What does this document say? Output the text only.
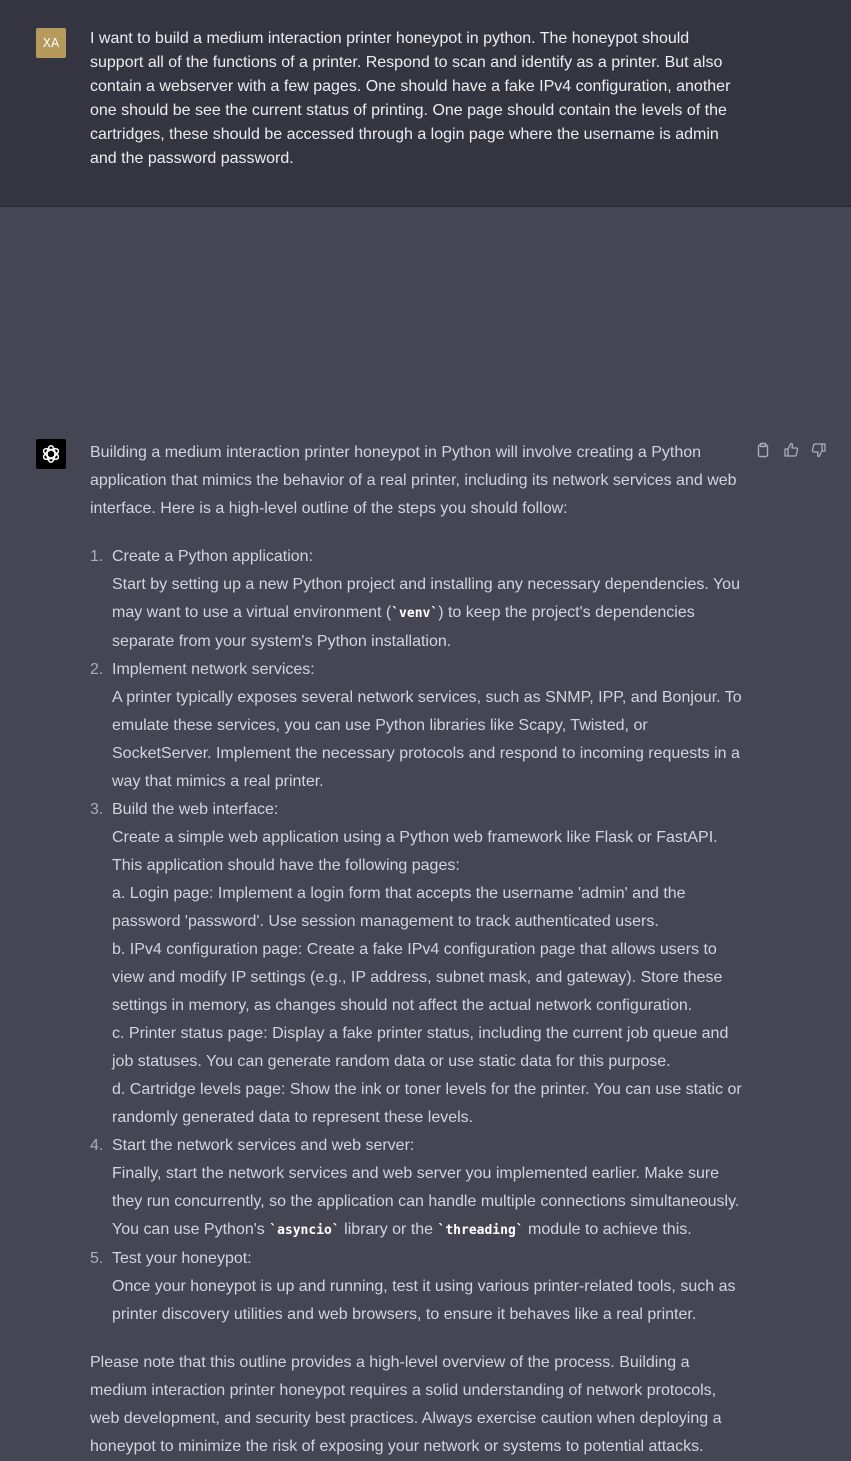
XA	I want to build a medium interaction printer honeypot in python. The honeypot should support all of the functions of a printer. Respond to scan and identify as a printer. But also contain a webserver with a few pages. One should have a fake IPv4 configuration, another one should be see the current status of printing. One page should contain the levels of the cartridges, these should be accessed through a login page where the username is admin and the password password.

Building a medium interaction printer honeypot in Python will involve creating a Python application that mimics the behavior of a real printer, including its network services and web interface. Here is a high-level outline of the steps you should follow:

1. Create a Python application:
Start by setting up a new Python project and installing any necessary dependencies. You may want to use a virtual environment (`venv`) to keep the project's dependencies separate from your system's Python installation.
2. Implement network services:
A printer typically exposes several network services, such as SNMP, IPP, and Bonjour. To emulate these services, you can use Python libraries like Scapy, Twisted, or SocketServer. Implement the necessary protocols and respond to incoming requests in a way that mimics a real printer.
3. Build the web interface:
Create a simple web application using a Python web framework like Flask or FastAPI. This application should have the following pages:
a. Login page: Implement a login form that accepts the username 'admin' and the password 'password'. Use session management to track authenticated users.
b. IPv4 configuration page: Create a fake IPv4 configuration page that allows users to view and modify IP settings (e.g., IP address, subnet mask, and gateway). Store these settings in memory, as changes should not affect the actual network configuration.
c. Printer status page: Display a fake printer status, including the current job queue and job statuses. You can generate random data or use static data for this purpose.
d. Cartridge levels page: Show the ink or toner levels for the printer. You can use static or randomly generated data to represent these levels.
4. Start the network services and web server:
Finally, start the network services and web server you implemented earlier. Make sure they run concurrently, so the application can handle multiple connections simultaneously. You can use Python's `asyncio` library or the `threading` module to achieve this.
5. Test your honeypot:
Once your honeypot is up and running, test it using various printer-related tools, such as printer discovery utilities and web browsers, to ensure it behaves like a real printer.

Please note that this outline provides a high-level overview of the process. Building a medium interaction printer honeypot requires a solid understanding of network protocols, web development, and security best practices. Always exercise caution when deploying a honeypot to minimize the risk of exposing your network or systems to potential attacks.
